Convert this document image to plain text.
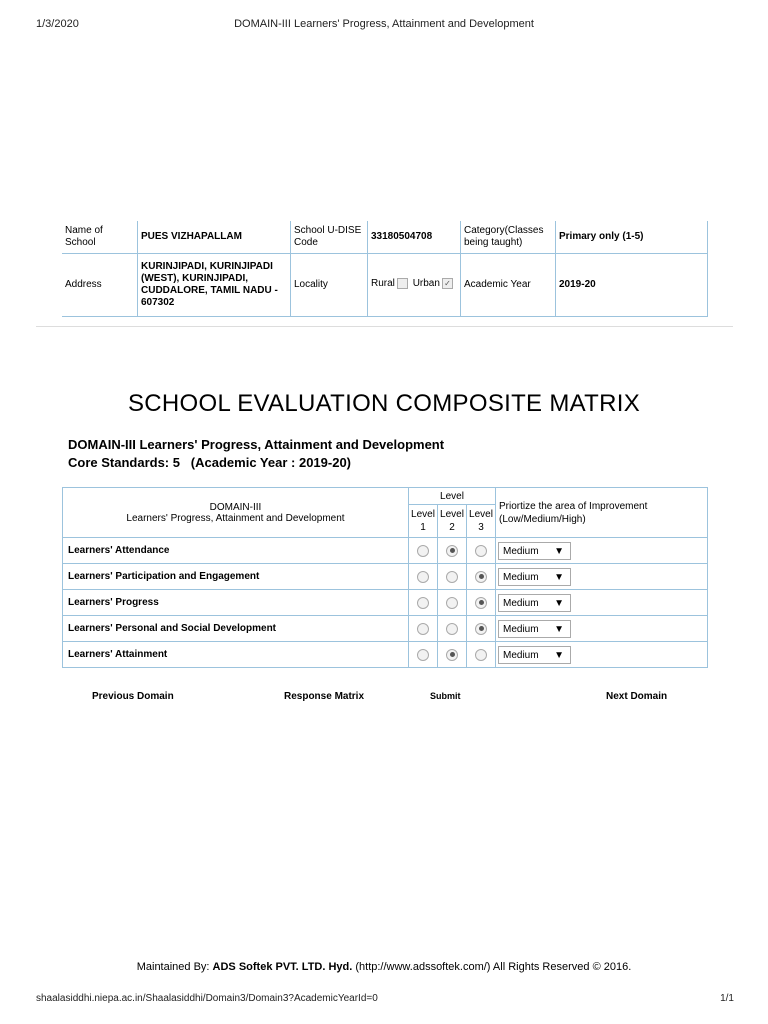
1/3/2020	DOMAIN-III Learners' Progress, Attainment and Development
Name of School	PUES VIZHAPALLAM	School U-DISE Code	33180504708	Category(Classes being taught)	Primary only (1-5)
Address	KURINJIPADI, KURINJIPADI (WEST), KURINJIPADI, CUDDALORE, TAMIL NADU - 607302	Locality	Rural Urban ✓	Academic Year	2019-20
SCHOOL EVALUATION COMPOSITE MATRIX
DOMAIN-III Learners' Progress, Attainment and Development
Core Standards: 5   (Academic Year : 2019-20)
DOMAIN-III
Learners' Progress, Attainment and Development	Level			Priortize the area of Improvement (Low/Medium/High)
	Level 1	Level 2	Level 3	
Learners' Attendance				Medium ▼

Learners' Participation and Engagement				Medium ▼

Learners' Progress				Medium ▼

Learners' Personal and Social Development				Medium ▼

Learners' Attainment				Medium ▼
Previous Domain	Response Matrix	Submit	Next Domain
Maintained By: ADS Softek PVT. LTD. Hyd. (http://www.adssoftek.com/) All Rights Reserved © 2016.
shaalasiddhi.niepa.ac.in/Shaalasiddhi/Domain3/Domain3?AcademicYearId=0	1/1
